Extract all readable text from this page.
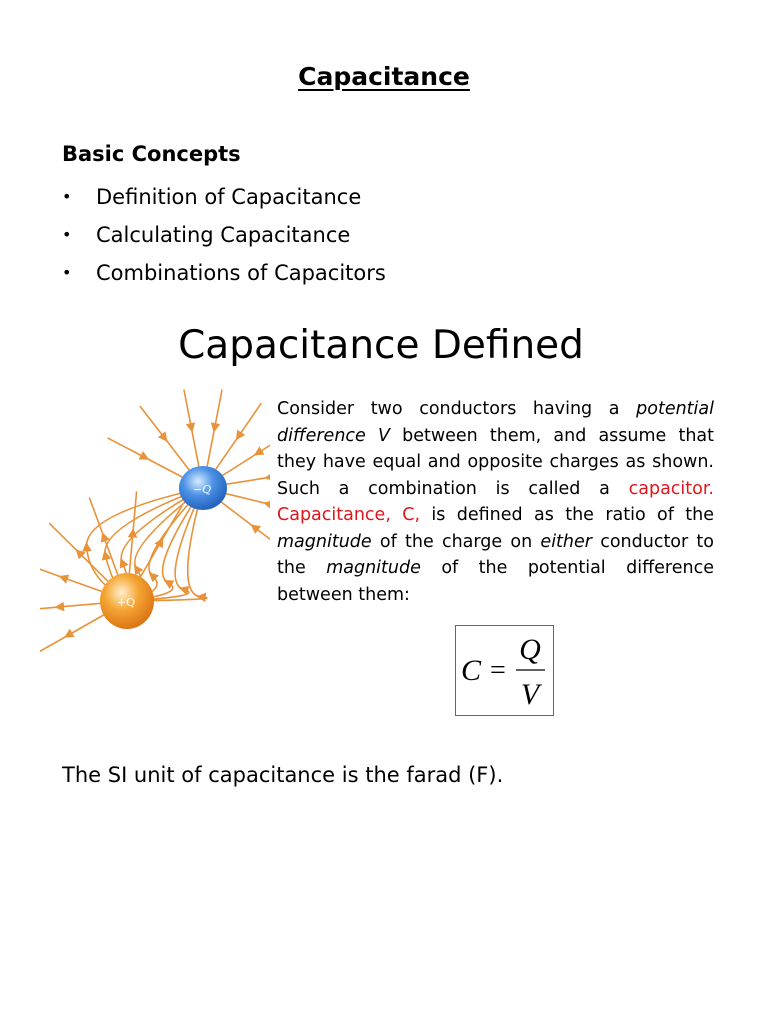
Capacitance
Basic Concepts
• Definition of Capacitance
• Calculating Capacitance
• Combinations of Capacitors
Capacitance Defined
−Q
+Q
Consider two conductors having a potential difference V between them, and assume that they have equal and opposite charges as shown. Such a combination is called a capacitor. Capacitance, C, is defined as the ratio of the magnitude of the charge on either conductor to the magnitude of the potential difference between them:
C =
Q
V
The SI unit of capacitance is the farad (F).
